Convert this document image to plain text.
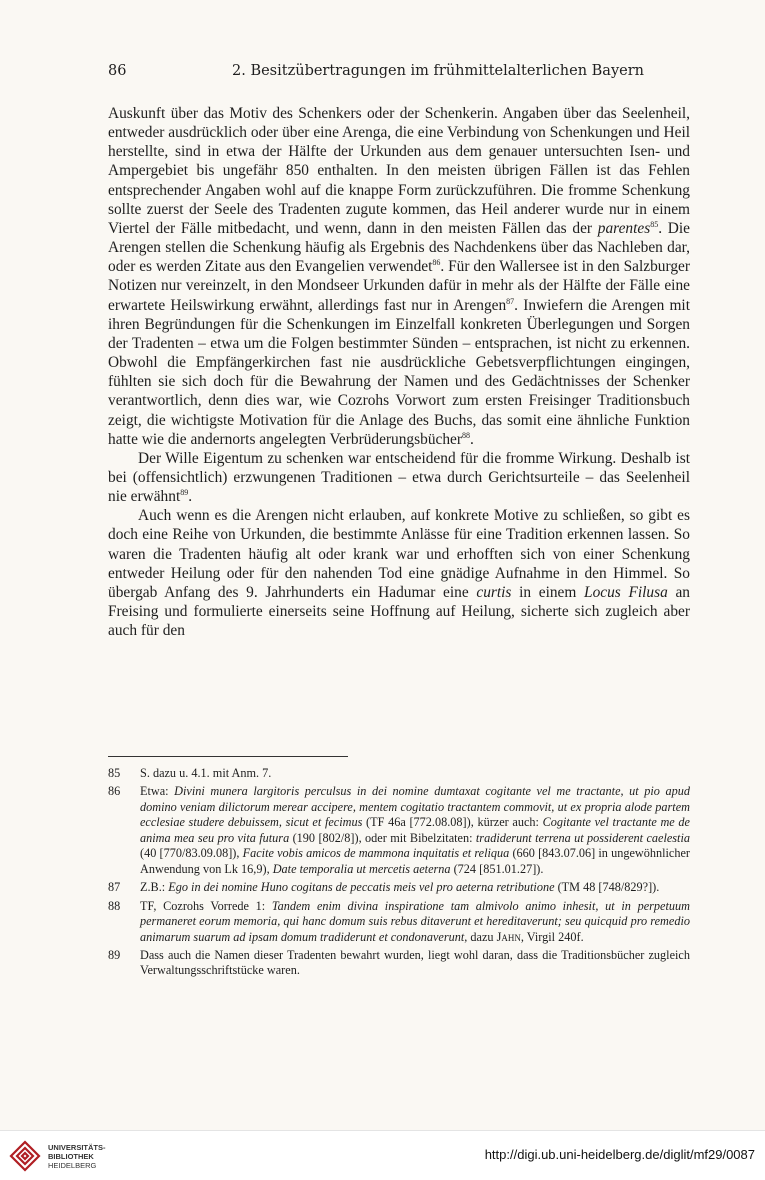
86	2. Besitzübertragungen im frühmittelalterlichen Bayern

Auskunft über das Motiv des Schenkers oder der Schenkerin. Angaben über das Seelenheil, entweder ausdrücklich oder über eine Arenga, die eine Verbindung von Schenkungen und Heil herstellte, sind in etwa der Hälfte der Urkunden aus dem genauer untersuchten Isen- und Ampergebiet bis ungefähr 850 enthalten. In den meisten übrigen Fällen ist das Fehlen entsprechender Angaben wohl auf die knappe Form zurückzuführen. Die fromme Schenkung sollte zuerst der Seele des Tradenten zugute kommen, das Heil anderer wurde nur in einem Viertel der Fälle mitbedacht, und wenn, dann in den meisten Fällen das der parentes$^{85}$. Die Arengen stellen die Schenkung häufig als Ergebnis des Nachdenkens über das Nachleben dar, oder es werden Zitate aus den Evangelien verwendet$^{86}$. Für den Wallersee ist in den Salzburger Notizen nur vereinzelt, in den Mondseer Urkunden dafür in mehr als der Hälfte der Fälle eine erwartete Heilswirkung erwähnt, allerdings fast nur in Arengen$^{87}$. Inwiefern die Arengen mit ihren Begründungen für die Schenkungen im Einzelfall konkreten Überlegungen und Sorgen der Tradenten – etwa um die Folgen bestimmter Sünden – entsprachen, ist nicht zu erkennen. Obwohl die Empfängerkirchen fast nie ausdrückliche Gebetsverpflichtungen eingingen, fühlten sie sich doch für die Bewahrung der Namen und des Gedächtnisses der Schenker verantwortlich, denn dies war, wie Cozrohs Vorwort zum ersten Freisinger Traditionsbuch zeigt, die wichtigste Motivation für die Anlage des Buchs, das somit eine ähnliche Funktion hatte wie die andernorts angelegten Verbrüderungsbücher$^{88}$.

Der Wille Eigentum zu schenken war entscheidend für die fromme Wirkung. Deshalb ist bei (offensichtlich) erzwungenen Traditionen – etwa durch Gerichtsurteile – das Seelenheil nie erwähnt$^{89}$.

Auch wenn es die Arengen nicht erlauben, auf konkrete Motive zu schließen, so gibt es doch eine Reihe von Urkunden, die bestimmte Anlässe für eine Tradition erkennen lassen. So waren die Tradenten häufig alt oder krank war und erhofften sich von einer Schenkung entweder Heilung oder für den nahenden Tod eine gnädige Aufnahme in den Himmel. So übergab Anfang des 9. Jahrhunderts ein Hadumar eine curtis in einem Locus Filusa an Freising und formulierte einerseits seine Hoffnung auf Heilung, sicherte sich zugleich aber auch für den

85 S. dazu u. 4.1. mit Anm. 7.
86 Etwa: Divini munera largitoris perculsus in dei nomine dumtaxat cogitante vel me tractante, ut pio apud domino veniam dilictorum merear accipere, mentem cogitatio tractantem commovit, ut ex propria alode partem ecclesiae studere debuissem, sicut et fecimus (TF 46a [772.08.08]), kürzer auch: Cogitante vel tractante me de anima mea seu pro vita futura (190 [802/8]), oder mit Bibelzitaten: tradiderunt terrena ut possiderent caelestia (40 [770/83.09.08]), Facite vobis amicos de mammona inquitatis et reliqua (660 [843.07.06] in ungewöhnlicher Anwendung von Lk 16,9), Date temporalia ut mercetis aeterna (724 [851.01.27]).
87 Z.B.: Ego in dei nomine Huno cogitans de peccatis meis vel pro aeterna retributione (TM 48 [748/829?]).
88 TF, Cozrohs Vorrede 1: Tandem enim divina inspiratione tam almivolo animo inhesit, ut in perpetuum permaneret eorum memoria, qui hanc domum suis rebus ditaverunt et hereditaverunt; seu quicquid pro remedio animarum suarum ad ipsam domum tradiderunt et condonaverunt, dazu Jahn, Virgil 240f.
89 Dass auch die Namen dieser Tradenten bewahrt wurden, liegt wohl daran, dass die Traditionsbücher zugleich Verwaltungsschriftstücke waren.
UNIVERSITÄTS-
BIBLIOTHEK
HEIDELBERG
http://digi.ub.uni-heidelberg.de/diglit/mf29/0087
